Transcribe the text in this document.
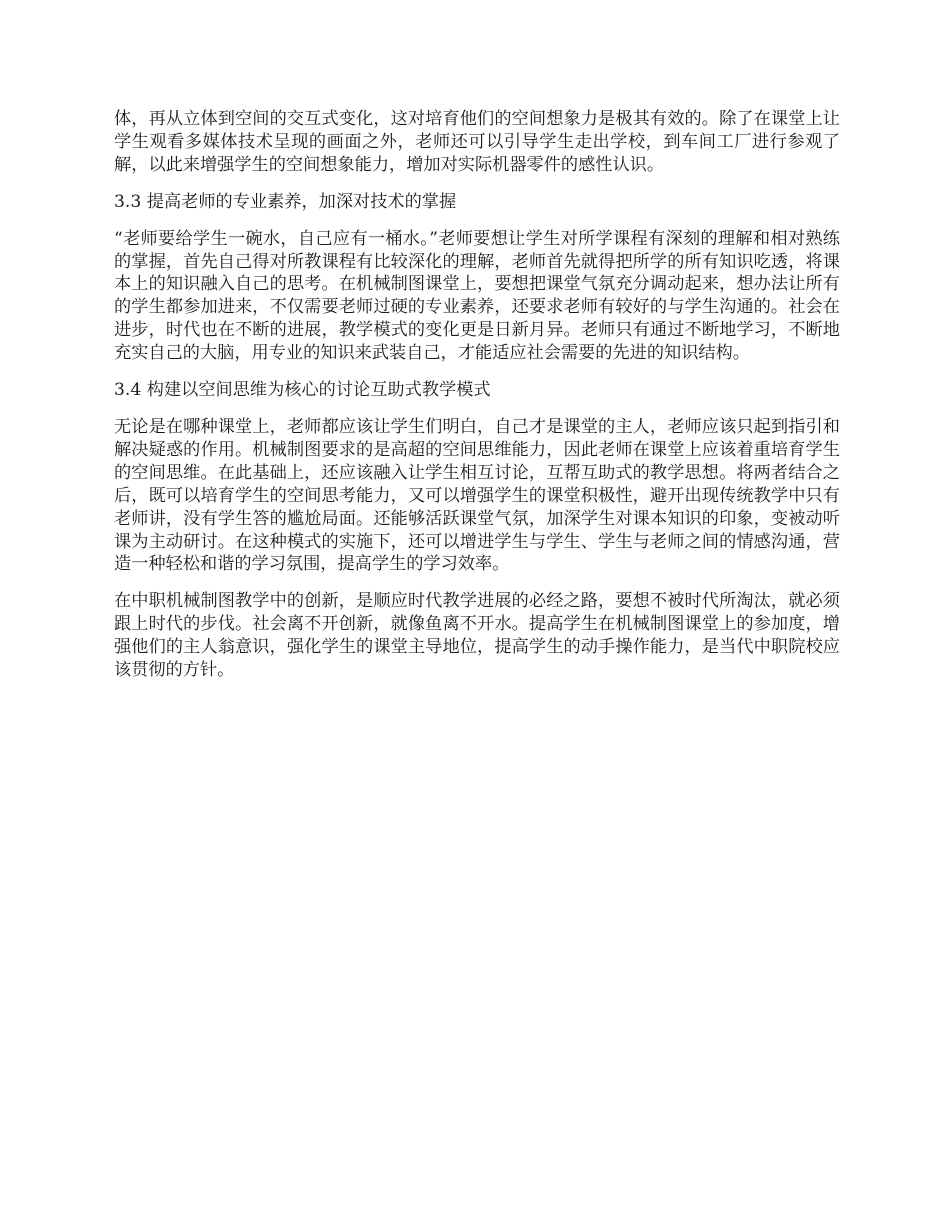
体，再从立体到空间的交互式变化，这对培育他们的空间想象力是极其有效的。除了在课堂上让学生观看多媒体技术呈现的画面之外，老师还可以引导学生走出学校，到车间工厂进行参观了解，以此来增强学生的空间想象能力，增加对实际机器零件的感性认识。

3.3 提高老师的专业素养，加深对技术的掌握

“老师要给学生一碗水，自己应有一桶水。”老师要想让学生对所学课程有深刻的理解和相对熟练的掌握，首先自己得对所教课程有比较深化的理解，老师首先就得把所学的所有知识吃透，将课本上的知识融入自己的思考。在机械制图课堂上，要想把课堂气氛充分调动起来，想办法让所有的学生都参加进来，不仅需要老师过硬的专业素养，还要求老师有较好的与学生沟通的。社会在进步，时代也在不断的进展，教学模式的变化更是日新月异。老师只有通过不断地学习，不断地充实自己的大脑，用专业的知识来武装自己，才能适应社会需要的先进的知识结构。

3.4 构建以空间思维为核心的讨论互助式教学模式

无论是在哪种课堂上，老师都应该让学生们明白，自己才是课堂的主人，老师应该只起到指引和解决疑惑的作用。机械制图要求的是高超的空间思维能力，因此老师在课堂上应该着重培育学生的空间思维。在此基础上，还应该融入让学生相互讨论，互帮互助式的教学思想。将两者结合之后，既可以培育学生的空间思考能力，又可以增强学生的课堂积极性，避开出现传统教学中只有老师讲，没有学生答的尴尬局面。还能够活跃课堂气氛，加深学生对课本知识的印象，变被动听课为主动研讨。在这种模式的实施下，还可以增进学生与学生、学生与老师之间的情感沟通，营造一种轻松和谐的学习氛围，提高学生的学习效率。

在中职机械制图教学中的创新，是顺应时代教学进展的必经之路，要想不被时代所淘汰，就必须跟上时代的步伐。社会离不开创新，就像鱼离不开水。提高学生在机械制图课堂上的参加度，增强他们的主人翁意识，强化学生的课堂主导地位，提高学生的动手操作能力，是当代中职院校应该贯彻的方针。
